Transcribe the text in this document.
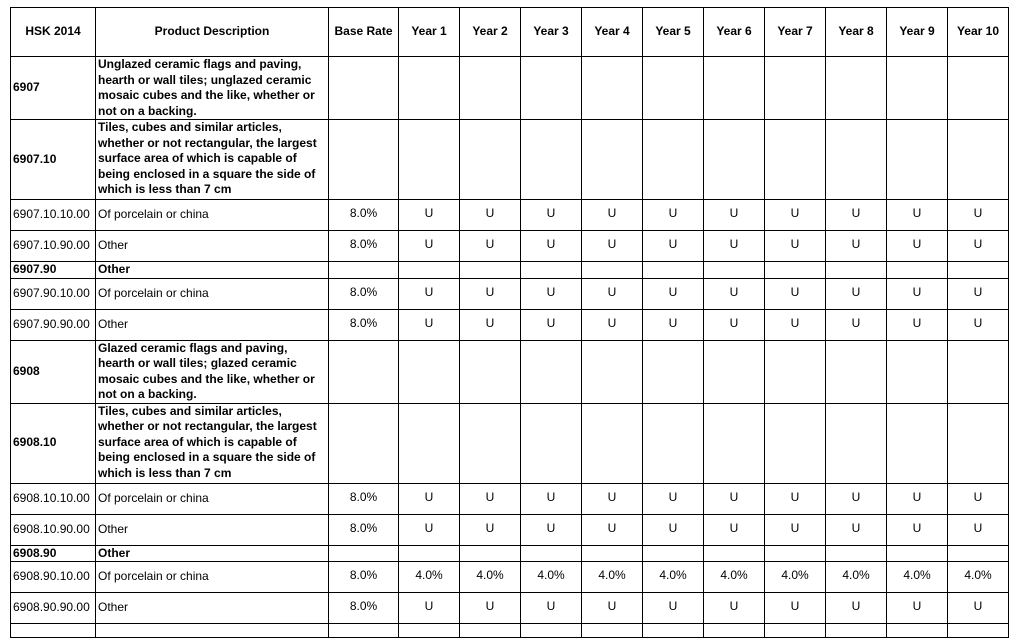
HSK 2014	Product Description	Base Rate	Year 1	Year 2	Year 3	Year 4	Year 5	Year 6	Year 7	Year 8	Year 9	Year 10
6907	Unglazed ceramic flags and paving, hearth or wall tiles; unglazed ceramic mosaic cubes and the like, whether or not on a backing.											
6907.10	Tiles, cubes and similar articles, whether or not rectangular, the largest surface area of which is capable of being enclosed in a square the side of which is less than 7 cm											
6907.10.10.00	Of porcelain or china	8.0%	U	U	U	U	U	U	U	U	U	U
6907.10.90.00	Other	8.0%	U	U	U	U	U	U	U	U	U	U
6907.90	Other											
6907.90.10.00	Of porcelain or china	8.0%	U	U	U	U	U	U	U	U	U	U
6907.90.90.00	Other	8.0%	U	U	U	U	U	U	U	U	U	U
6908	Glazed ceramic flags and paving, hearth or wall tiles; glazed ceramic mosaic cubes and the like, whether or not on a backing.											
6908.10	Tiles, cubes and similar articles, whether or not rectangular, the largest surface area of which is capable of being enclosed in a square the side of which is less than 7 cm											
6908.10.10.00	Of porcelain or china	8.0%	U	U	U	U	U	U	U	U	U	U
6908.10.90.00	Other	8.0%	U	U	U	U	U	U	U	U	U	U
6908.90	Other											
6908.90.10.00	Of porcelain or china	8.0%	4.0%	4.0%	4.0%	4.0%	4.0%	4.0%	4.0%	4.0%	4.0%	4.0%
6908.90.90.00	Other	8.0%	U	U	U	U	U	U	U	U	U	U
